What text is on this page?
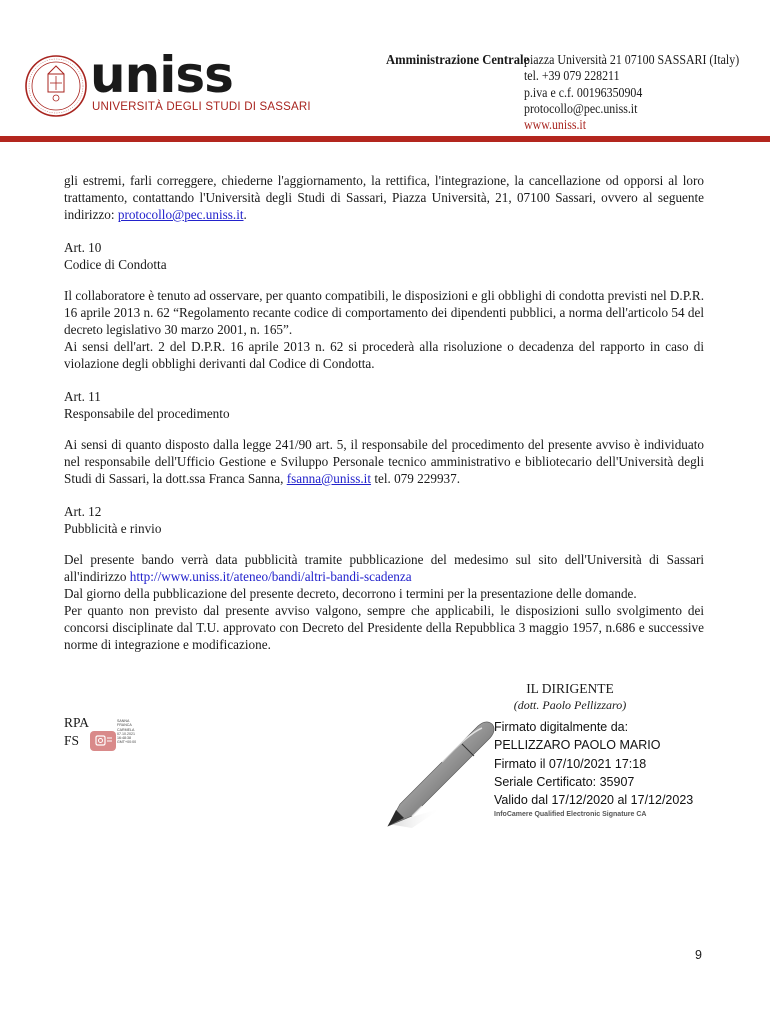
uniss
UNIVERSITÀ DEGLI STUDI DI SASSARI
Amministrazione Centrale
piazza Università 21 07100 SASSARI (Italy)
tel. +39 079 228211
p.iva e c.f. 00196350904
protocollo@pec.uniss.it
www.uniss.it

gli estremi, farli correggere, chiederne l'aggiornamento, la rettifica, l'integrazione, la cancellazione od opporsi al loro trattamento, contattando l'Università degli Studi di Sassari, Piazza Università, 21, 07100 Sassari, ovvero al seguente indirizzo: protocollo@pec.uniss.it.

Art. 10

Codice di Condotta

Il collaboratore è tenuto ad osservare, per quanto compatibili, le disposizioni e gli obblighi di condotta previsti nel D.P.R. 16 aprile 2013 n. 62 “Regolamento recante codice di comportamento dei dipendenti pubblici, a norma dell'articolo 54 del decreto legislativo 30 marzo 2001, n. 165”.

Ai sensi dell'art. 2 del D.P.R. 16 aprile 2013 n. 62 si procederà alla risoluzione o decadenza del rapporto in caso di violazione degli obblighi derivanti dal Codice di Condotta.

Art. 11

Responsabile del procedimento

Ai sensi di quanto disposto dalla legge 241/90 art. 5, il responsabile del procedimento del presente avviso è individuato nel responsabile dell'Ufficio Gestione e Sviluppo Personale tecnico amministrativo e bibliotecario dell'Università degli Studi di Sassari, la dott.ssa Franca Sanna, fsanna@uniss.it tel. 079 229937.

Art. 12

Pubblicità e rinvio

Del presente bando verrà data pubblicità tramite pubblicazione del medesimo sul sito dell'Università di Sassari all'indirizzo http://www.uniss.it/ateneo/bandi/altri-bandi-scadenza

Dal giorno della pubblicazione del presente decreto, decorrono i termini per la presentazione delle domande.

Per quanto non previsto dal presente avviso valgono, sempre che applicabili, le disposizioni sullo svolgimento dei concorsi disciplinate dal T.U. approvato con Decreto del Presidente della Repubblica 3 maggio 1957, n.686 e successive norme di integrazione e modificazione.

IL DIRIGENTE
(dott. Paolo Pellizzaro)
RPA
FS
SANNA
FRANCA
CARMELA
07.10.2021
16:48:38
GMT+00:00
Firmato digitalmente da:
PELLIZZARO PAOLO MARIO
Firmato il 07/10/2021 17:18
Seriale Certificato: 35907
Valido dal 17/12/2020 al 17/12/2023
InfoCamere Qualified Electronic Signature CA
9
